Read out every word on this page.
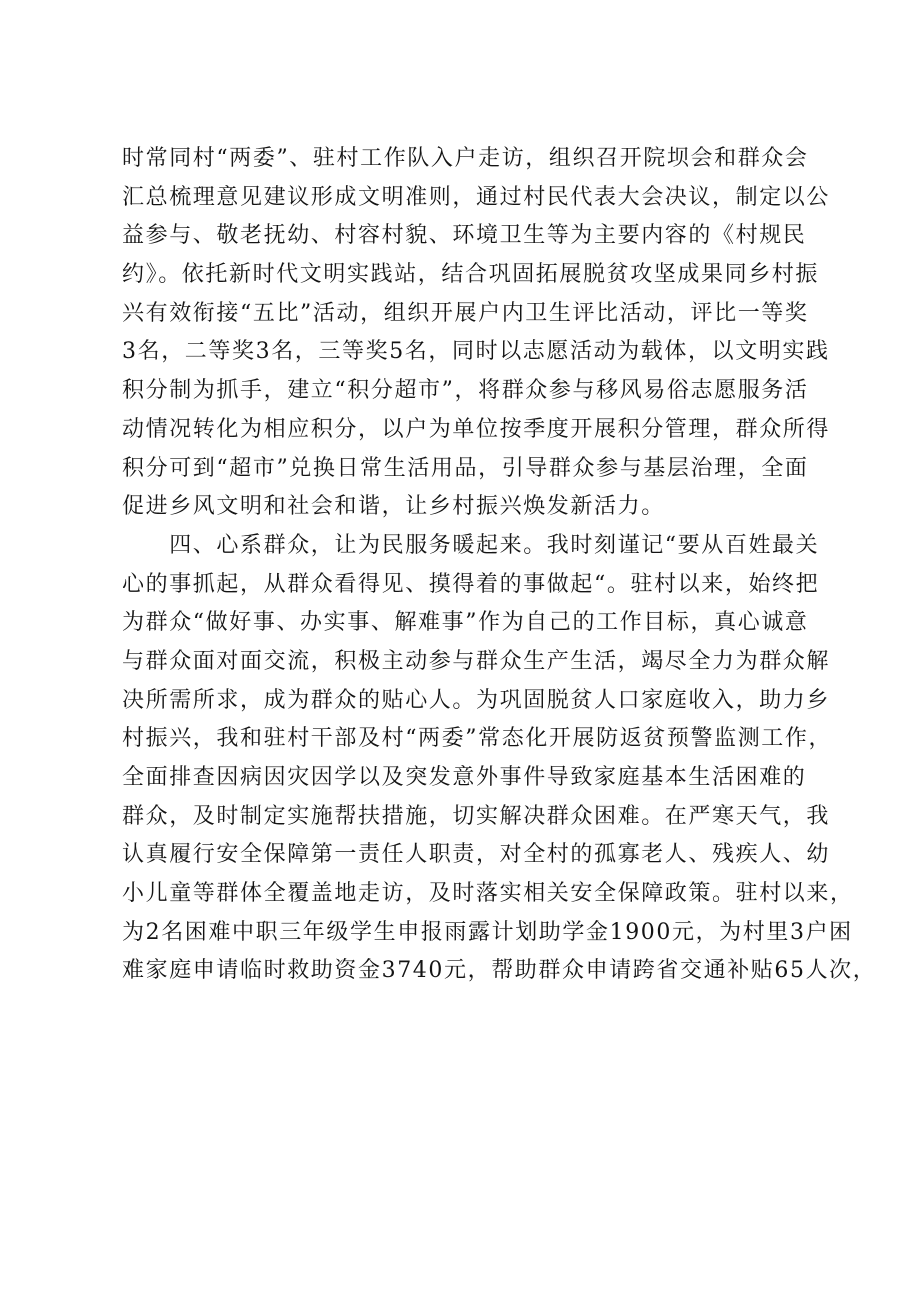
时常同村“两委”、驻村工作队入户走访，组织召开院坝会和群众会
汇总梳理意见建议形成文明准则，通过村民代表大会决议，制定以公
益参与、敬老抚幼、村容村貌、环境卫生等为主要内容的《村规民
约》。依托新时代文明实践站，结合巩固拓展脱贫攻坚成果同乡村振
兴有效衔接“五比”活动，组织开展户内卫生评比活动，评比一等奖
3名，二等奖3名，三等奖5名，同时以志愿活动为载体，以文明实践
积分制为抓手，建立“积分超市”，将群众参与移风易俗志愿服务活
动情况转化为相应积分，以户为单位按季度开展积分管理，群众所得
积分可到“超市”兑换日常生活用品，引导群众参与基层治理，全面
促进乡风文明和社会和谐，让乡村振兴焕发新活力。
　　四、心系群众，让为民服务暖起来。我时刻谨记“要从百姓最关
心的事抓起，从群众看得见、摸得着的事做起“。驻村以来，始终把
为群众“做好事、办实事、解难事”作为自己的工作目标，真心诚意
与群众面对面交流，积极主动参与群众生产生活，竭尽全力为群众解
决所需所求，成为群众的贴心人。为巩固脱贫人口家庭收入，助力乡
村振兴，我和驻村干部及村“两委”常态化开展防返贫预警监测工作，
全面排查因病因灾因学以及突发意外事件导致家庭基本生活困难的
群众，及时制定实施帮扶措施，切实解决群众困难。在严寒天气，我
认真履行安全保障第一责任人职责，对全村的孤寡老人、残疾人、幼
小儿童等群体全覆盖地走访，及时落实相关安全保障政策。驻村以来，
为2名困难中职三年级学生申报雨露计划助学金1900元，为村里3户困
难家庭申请临时救助资金3740元，帮助群众申请跨省交通补贴65人次，
